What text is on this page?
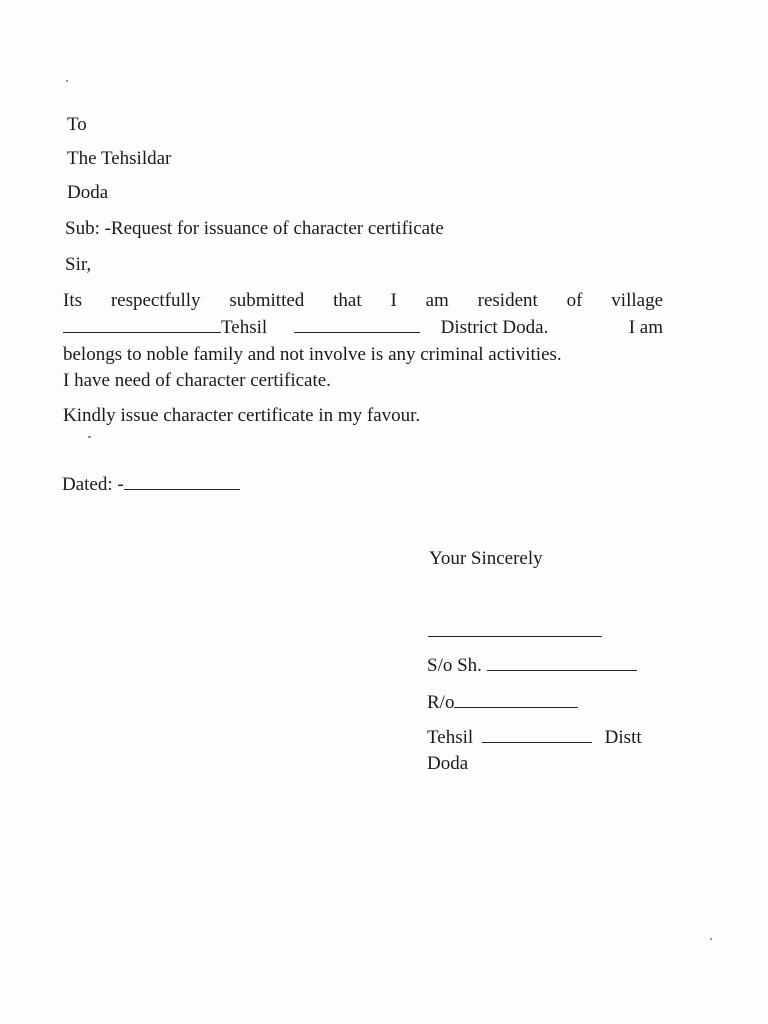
To
The Tehsildar
Doda
Sub: -Request for issuance of character certificate
Sir,
Its respectfully submitted that I am resident of village
Tehsil	District Doda.	I am
belongs to noble family and not involve is any criminal activities.
I have need of character certificate.
Kindly issue character certificate in my favour.
Dated: -
Your Sincerely
S/o Sh.
R/o
Tehsil	Distt
Doda
